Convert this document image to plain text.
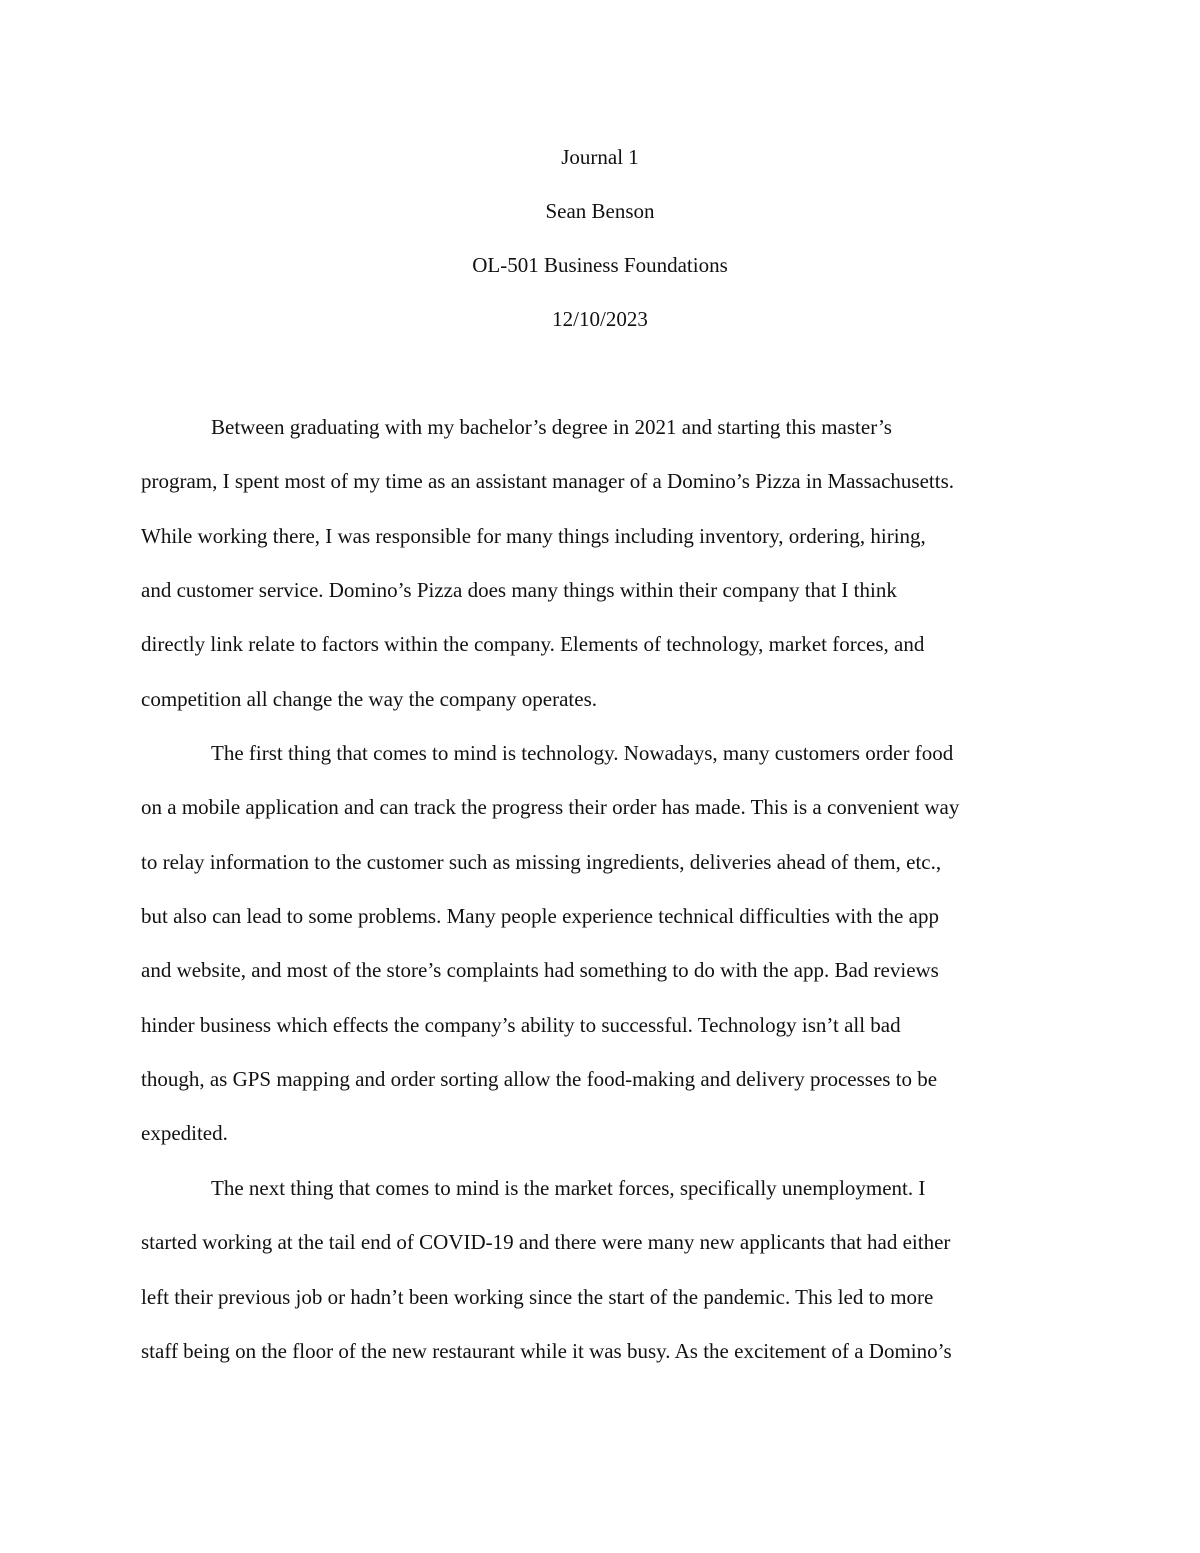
Journal 1
Sean Benson
OL-501 Business Foundations
12/10/2023
Between graduating with my bachelor’s degree in 2021 and starting this master’s
program, I spent most of my time as an assistant manager of a Domino’s Pizza in Massachusetts.
While working there, I was responsible for many things including inventory, ordering, hiring,
and customer service. Domino’s Pizza does many things within their company that I think
directly link relate to factors within the company. Elements of technology, market forces, and
competition all change the way the company operates.
The first thing that comes to mind is technology. Nowadays, many customers order food
on a mobile application and can track the progress their order has made. This is a convenient way
to relay information to the customer such as missing ingredients, deliveries ahead of them, etc.,
but also can lead to some problems. Many people experience technical difficulties with the app
and website, and most of the store’s complaints had something to do with the app. Bad reviews
hinder business which effects the company’s ability to successful. Technology isn’t all bad
though, as GPS mapping and order sorting allow the food-making and delivery processes to be
expedited.
The next thing that comes to mind is the market forces, specifically unemployment. I
started working at the tail end of COVID-19 and there were many new applicants that had either
left their previous job or hadn’t been working since the start of the pandemic. This led to more
staff being on the floor of the new restaurant while it was busy. As the excitement of a Domino’s
